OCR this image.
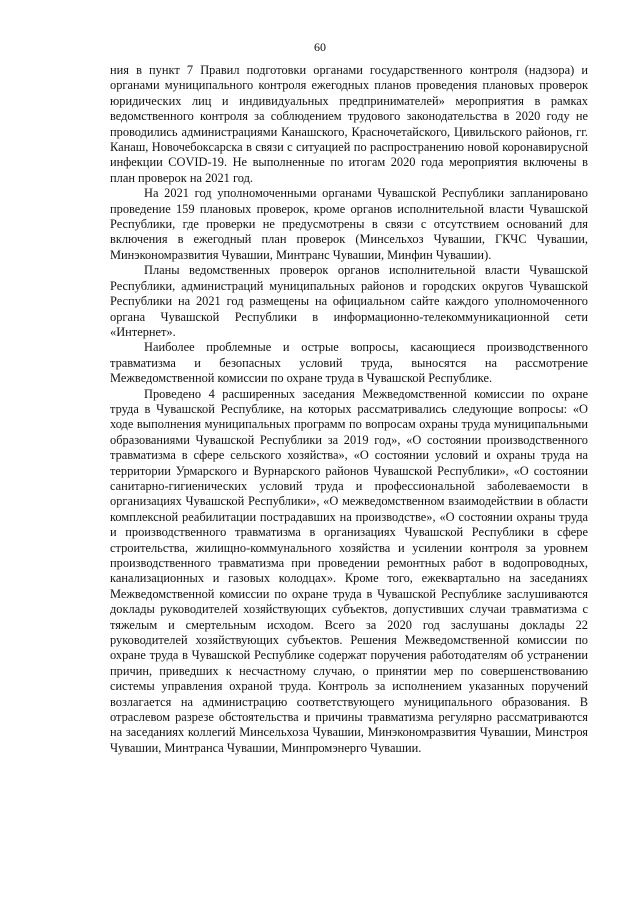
60

ния в пункт 7 Правил подготовки органами государственного контроля (надзора) и органами муниципального контроля ежегодных планов проведения плановых проверок юридических лиц и индивидуальных предпринимателей» мероприятия в рамках ведомственного контроля за соблюдением трудового законодательства в 2020 году не проводились администрациями Канашского, Красночетайского, Цивильского районов, гг. Канаш, Новочебоксарска в связи с ситуацией по распространению новой коронавирусной инфекции COVID-19. Не выполненные по итогам 2020 года мероприятия включены в план проверок на 2021 год.

На 2021 год уполномоченными органами Чувашской Республики запланировано проведение 159 плановых проверок, кроме органов исполнительной власти Чувашской Республики, где проверки не предусмотрены в связи с отсутствием оснований для включения в ежегодный план проверок (Минсельхоз Чувашии, ГКЧС Чувашии, Минэкономразвития Чувашии, Минтранс Чувашии, Минфин Чувашии).

Планы ведомственных проверок органов исполнительной власти Чувашской Республики, администраций муниципальных районов и городских округов Чувашской Республики на 2021 год размещены на официальном сайте каждого уполномоченного органа Чувашской Республики в информационно-телекоммуникационной сети «Интернет».

Наиболее проблемные и острые вопросы, касающиеся производственного травматизма и безопасных условий труда, выносятся на рассмотрение Межведомственной комиссии по охране труда в Чувашской Республике.

Проведено 4 расширенных заседания Межведомственной комиссии по охране труда в Чувашской Республике, на которых рассматривались следующие вопросы: «О ходе выполнения муниципальных программ по вопросам охраны труда муниципальными образованиями Чувашской Республики за 2019 год», «О состоянии производственного травматизма в сфере сельского хозяйства», «О состоянии условий и охраны труда на территории Урмарского и Вурнарского районов Чувашской Республики», «О состоянии санитарно-гигиенических условий труда и профессиональной заболеваемости в организациях Чувашской Республики», «О межведомственном взаимодействии в области комплексной реабилитации пострадавших на производстве», «О состоянии охраны труда и производственного травматизма в организациях Чувашской Республики в сфере строительства, жилищно-коммунального хозяйства и усилении контроля за уровнем производственного травматизма при проведении ремонтных работ в водопроводных, канализационных и газовых колодцах». Кроме того, ежеквартально на заседаниях Межведомственной комиссии по охране труда в Чувашской Республике заслушиваются доклады руководителей хозяйствующих субъектов, допустивших случаи травматизма с тяжелым и смертельным исходом. Всего за 2020 год заслушаны доклады 22 руководителей хозяйствующих субъектов. Решения Межведомственной комиссии по охране труда в Чувашской Республике содержат поручения работодателям об устранении причин, приведших к несчастному случаю, о принятии мер по совершенствованию системы управления охраной труда. Контроль за исполнением указанных поручений возлагается на администрацию соответствующего муниципального образования. В отраслевом разрезе обстоятельства и причины травматизма регулярно рассматриваются на заседаниях коллегий Минсельхоза Чувашии, Минэкономразвития Чувашии, Минстроя Чувашии, Минтранса Чувашии, Минпромэнерго Чувашии.
